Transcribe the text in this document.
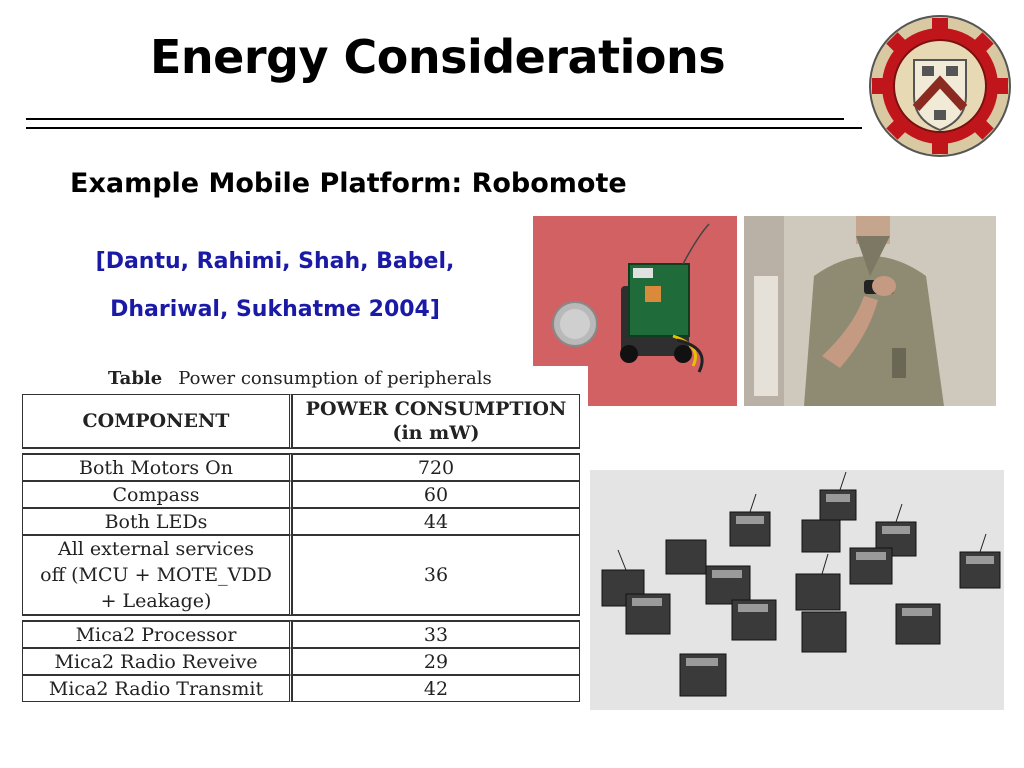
Energy Considerations
Example Mobile Platform: Robomote
[Dantu, Rahimi, Shah, Babel,
Dhariwal, Sukhatme 2004]
Table Power consumption of peripherals
COMPONENT	POWER CONSUMPTION
(in mW)

Both Motors On	720
Compass	60
Both LEDs	44

All external services
off (MCU + MOTE_VDD
+ Leakage)	36

Mica2 Processor	33
Mica2 Radio Reveive	29
Mica2 Radio Transmit	42
